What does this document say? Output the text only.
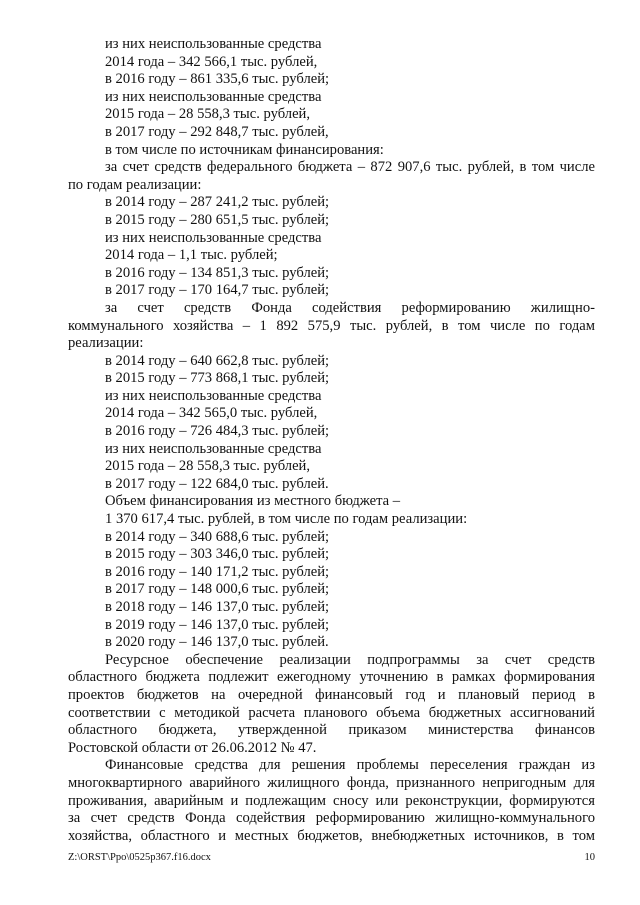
из них неиспользованные средства
2014 года – 342 566,1 тыс. рублей,
в 2016 году – 861 335,6 тыс. рублей;
из них неиспользованные средства
2015 года – 28 558,3 тыс. рублей,
в 2017 году – 292 848,7 тыс. рублей,
в том числе по источникам финансирования:
за счет средств федерального бюджета – 872 907,6 тыс. рублей, в том числе
по годам реализации:
в 2014 году – 287 241,2 тыс. рублей;
в 2015 году – 280 651,5 тыс. рублей;
из них неиспользованные средства
2014 года – 1,1 тыс. рублей;
в 2016 году – 134 851,3 тыс. рублей;
в 2017 году – 170 164,7 тыс. рублей;
за счет средств Фонда содействия реформированию жилищно-
коммунального хозяйства – 1 892 575,9 тыс. рублей, в том числе по годам
реализации:
в 2014 году – 640 662,8 тыс. рублей;
в 2015 году – 773 868,1 тыс. рублей;
из них неиспользованные средства
2014 года – 342 565,0 тыс. рублей,
в 2016 году – 726 484,3 тыс. рублей;
из них неиспользованные средства
2015 года – 28 558,3 тыс. рублей,
в 2017 году – 122 684,0 тыс. рублей.
Объем финансирования из местного бюджета –
1 370 617,4 тыс. рублей, в том числе по годам реализации:
в 2014 году – 340 688,6 тыс. рублей;
в 2015 году – 303 346,0 тыс. рублей;
в 2016 году – 140 171,2 тыс. рублей;
в 2017 году – 148 000,6 тыс. рублей;
в 2018 году – 146 137,0 тыс. рублей;
в 2019 году – 146 137,0 тыс. рублей;
в 2020 году – 146 137,0 тыс. рублей.
Ресурсное обеспечение реализации подпрограммы за счет средств
областного бюджета подлежит ежегодному уточнению в рамках формирования
проектов бюджетов на очередной финансовый год и плановый период в
соответствии с методикой расчета планового объема бюджетных ассигнований
областного бюджета, утвержденной приказом министерства финансов
Ростовской области от 26.06.2012 № 47.
Финансовые средства для решения проблемы переселения граждан из
многоквартирного аварийного жилищного фонда, признанного непригодным для
проживания, аварийным и подлежащим сносу или реконструкции, формируются
за счет средств Фонда содействия реформированию жилищно-коммунального
хозяйства, областного и местных бюджетов, внебюджетных источников, в том
Z:\ORST\Ppo\0525p367.f16.docx	10
